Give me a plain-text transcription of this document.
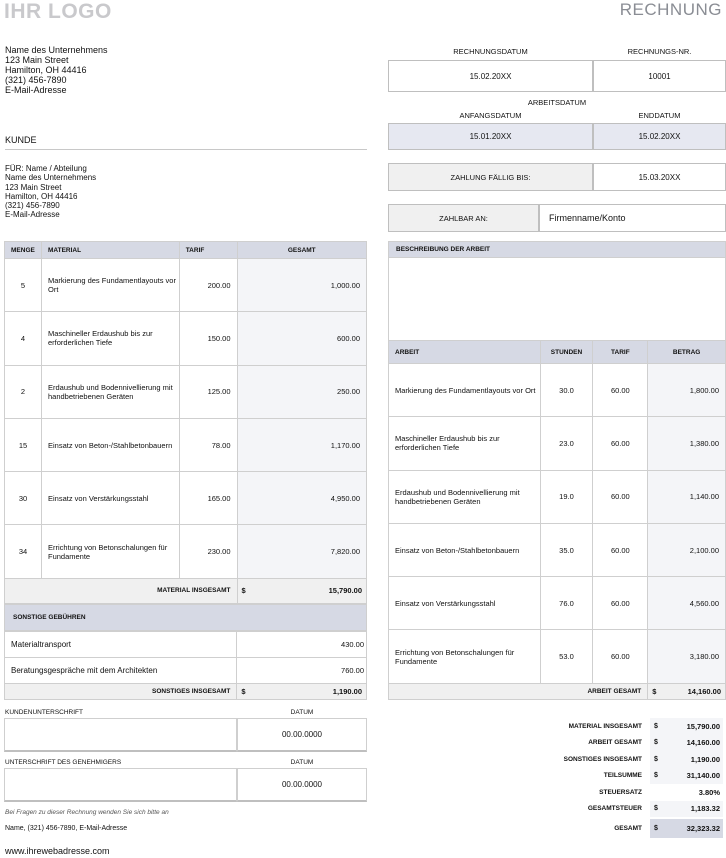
IHR LOGO	RECHNUNG
Name des Unternehmens
123 Main Street
Hamilton, OH 44416
(321) 456-7890
E-Mail-Adresse
KUNDE
FÜR: Name / Abteilung
Name des Unternehmens
123 Main Street
Hamilton, OH 44416
(321) 456-7890
E-Mail-Adresse
RECHNUNGSDATUM	RECHNUNGS-NR.
15.02.20XX	10001
ARBEITSDATUM
ANFANGSDATUM	ENDDATUM
15.01.20XX	15.02.20XX
ZAHLUNG FÄLLIG BIS:	15.03.20XX
ZAHLBAR AN:	Firmenname/Konto
MENGE	MATERIAL	TARIF	GESAMT
5	Markierung des Fundamentlayouts vor Ort	200.00	1,000.00
4	Maschineller Erdaushub bis zur erforderlichen Tiefe	150.00	600.00
2	Erdaushub und Bodennivellierung mit handbetriebenen Geräten	125.00	250.00
15	Einsatz von Beton-/Stahlbetonbauern	78.00	1,170.00
30	Einsatz von Verstärkungsstahl	165.00	4,950.00
34	Errichtung von Betonschalungen für Fundamente	230.00	7,820.00
MATERIAL INSGESAMT			$ 15,790.00
SONSTIGE GEBÜHREN
Materialtransport	430.00
Beratungsgespräche mit dem Architekten	760.00
SONSTIGES INSGESAMT	$ 1,190.00
BESCHREIBUNG DER ARBEIT
ARBEIT	STUNDEN	TARIF	BETRAG
Markierung des Fundamentlayouts vor Ort	30.0	60.00	1,800.00
Maschineller Erdaushub bis zur erforderlichen Tiefe	23.0	60.00	1,380.00
Erdaushub und Bodennivellierung mit handbetriebenen Geräten	19.0	60.00	1,140.00
Einsatz von Beton-/Stahlbetonbauern	35.0	60.00	2,100.00
Einsatz von Verstärkungsstahl	76.0	60.00	4,560.00
Errichtung von Betonschalungen für Fundamente	53.0	60.00	3,180.00
ARBEIT GESAMT			$ 14,160.00
MATERIAL INSGESAMT	$	15,790.00
ARBEIT GESAMT	$	14,160.00
SONSTIGES INSGESAMT	$	1,190.00
TEILSUMME	$	31,140.00
STEUERSATZ	3.80%
GESAMTSTEUER	$	1,183.32
GESAMT	$	32,323.32
KUNDENUNTERSCHRIFT	DATUM
00.00.0000
UNTERSCHRIFT DES GENEHMIGERS	DATUM
00.00.0000
Bei Fragen zu dieser Rechnung wenden Sie sich bitte an
Name, (321) 456-7890, E-Mail-Adresse
www.ihrewebadresse.com
